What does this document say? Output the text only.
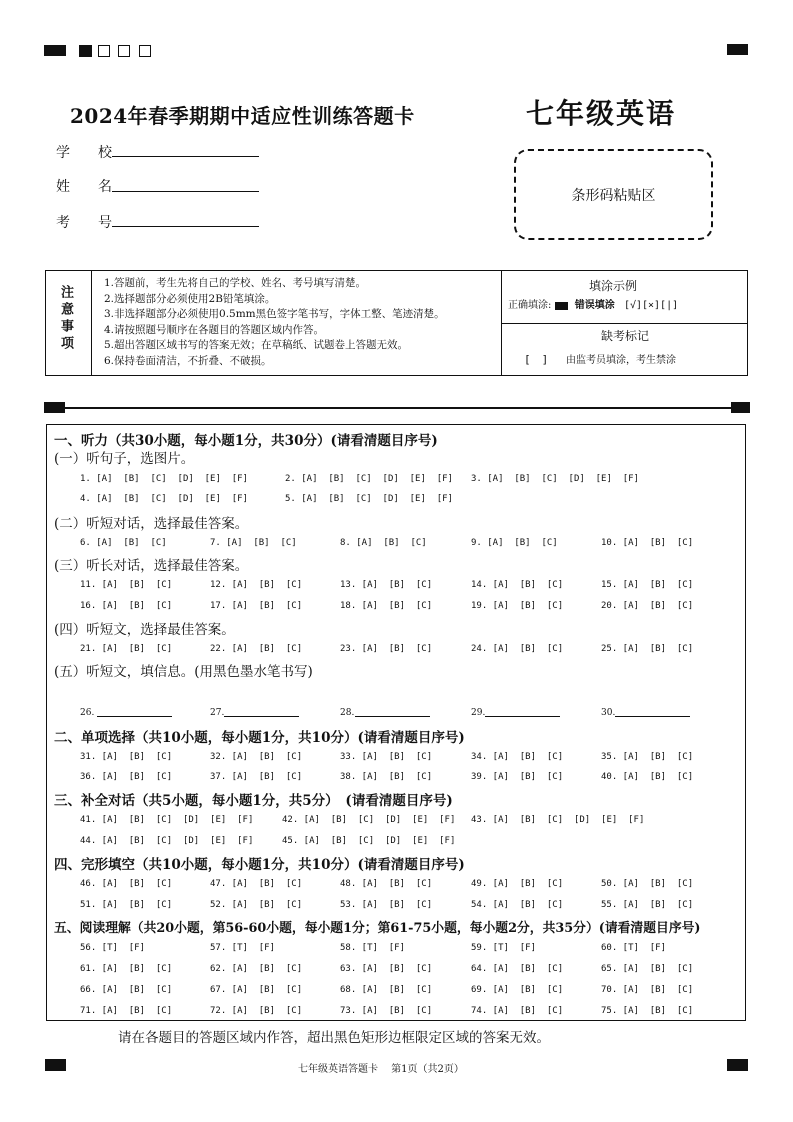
2024年春季期期中适应性训练答题卡	七年级英语
学　　校
姓　　名
考　　号
条形码粘贴区
注意事项
1.答题前，考生先将自己的学校、姓名、考号填写清楚。
2.选择题部分必须使用2B铅笔填涂。
3.非选择题部分必须使用0.5mm黑色签字笔书写，字体工整、笔迹清楚。
4.请按照题号顺序在各题目的答题区域内作答。
5.超出答题区域书写的答案无效；在草稿纸、试题卷上答题无效。
6.保持卷面清洁，不折叠、不破损。
填涂示例
正确填涂: 错误填涂 [√][×][|]
缺考标记
[　] 由监考员填涂，考生禁涂
一、听力（共30小题，每小题1分，共30分）(请看清题目序号)
(一）听句子，选图片。
1. [A]  [B]  [C]  [D]  [E]  [F]	2. [A]  [B]  [C]  [D]  [E]  [F] 3. [A]  [B]  [C]  [D]  [E]  [F]
4. [A]  [B]  [C]  [D]  [E]  [F]	5. [A]  [B]  [C]  [D]  [E]  [F]
(二）听短对话，选择最佳答案。
6. [A]  [B]  [C]	7. [A]  [B]  [C]	8. [A]  [B]  [C]	9. [A]  [B]  [C]	10. [A]  [B]  [C]
(三）听长对话，选择最佳答案。
11. [A]  [B]  [C]	12. [A]  [B]  [C]	13. [A]  [B]  [C]	14. [A]  [B]  [C]	15. [A]  [B]  [C]
16. [A]  [B]  [C]	17. [A]  [B]  [C]	18. [A]  [B]  [C]	19. [A]  [B]  [C]	20. [A]  [B]  [C]
(四）听短文，选择最佳答案。
21. [A]  [B]  [C]	22. [A]  [B]  [C]	23. [A]  [B]  [C]	24. [A]  [B]  [C]	25. [A]  [B]  [C]
(五）听短文，填信息。(用黑色墨水笔书写)
26.	27.	28.	29.	30.
二、单项选择（共10小题，每小题1分，共10分）(请看清题目序号)
31. [A]  [B]  [C]	32. [A]  [B]  [C]	33. [A]  [B]  [C]	34. [A]  [B]  [C]	35. [A]  [B]  [C]
36. [A]  [B]  [C]	37. [A]  [B]  [C]	38. [A]  [B]  [C]	39. [A]  [B]  [C]	40. [A]  [B]  [C]
三、补全对话（共5小题，每小题1分，共5分）　(请看清题目序号)
41. [A]  [B]  [C]  [D]  [E]  [F]	42. [A]  [B]  [C]  [D]  [E]  [F] 43. [A]  [B]  [C]  [D]  [E]  [F]
44. [A]  [B]  [C]  [D]  [E]  [F]	45. [A]  [B]  [C]  [D]  [E]  [F]
四、完形填空（共10小题，每小题1分，共10分）(请看清题目序号)
46. [A]  [B]  [C]	47. [A]  [B]  [C]	48. [A]  [B]  [C]	49. [A]  [B]  [C]	50. [A]  [B]  [C]
51. [A]  [B]  [C]	52. [A]  [B]  [C]	53. [A]  [B]  [C]	54. [A]  [B]  [C]	55. [A]  [B]  [C]
五、阅读理解（共20小题，第56-60小题，每小题1分；第61-75小题，每小题2分，共35分）(请看清题目序号)
56. [T]  [F]	57. [T]  [F]	58. [T]  [F]	59. [T]  [F]	60. [T]  [F]
61. [A]  [B]  [C]	62. [A]  [B]  [C]	63. [A]  [B]  [C]	64. [A]  [B]  [C]	65. [A]  [B]  [C]
66. [A]  [B]  [C]	67. [A]  [B]  [C]	68. [A]  [B]  [C]	69. [A]  [B]  [C]	70. [A]  [B]  [C]
71. [A]  [B]  [C]	72. [A]  [B]  [C]	73. [A]  [B]  [C]	74. [A]  [B]  [C]	75. [A]  [B]  [C]
请在各题目的答题区域内作答，超出黑色矩形边框限定区域的答案无效。
七年级英语答题卡　 第1页（共2页）
